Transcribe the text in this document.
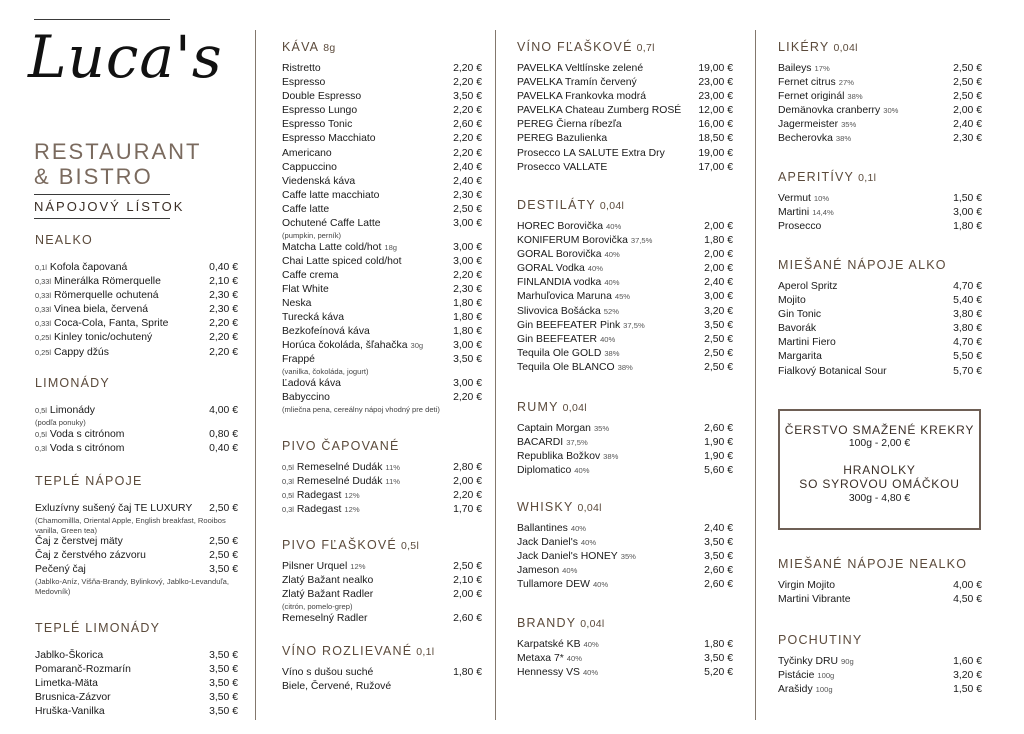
Luca's
RESTAURANT
& BISTRO
NÁPOJOVÝ LÍSTOK
NEALKO
0,1l Kofola čapovaná	0,40 €
0,33l Minerálka Römerquelle	2,10 €
0,33l Römerquelle ochutená	2,30 €
0,33l Vinea biela, červená	2,30 €
0,33l Coca-Cola, Fanta, Sprite	2,20 €
0,25l Kinley tonic/ochutený	2,20 €
0,25l Cappy džús	2,20 €
LIMONÁDY
0,5l Limonády	4,00 €
(podľa ponuky)
0,5l Voda s citrónom	0,80 €
0,3l Voda s citrónom	0,40 €
TEPLÉ NÁPOJE
Exluzívny sušený čaj TE LUXURY 2,50 €
(Chamomillla, Oriental Apple, English breakfast, Rooibos vanilla, Green tea)
Čaj z čerstvej mäty	2,50 €
Čaj z čerstvého zázvoru	2,50 €
Pečený čaj	3,50 €
(Jablko-Aníz, Višňa-Brandy, Bylinkový, Jablko-Levanduľa, Medovník)
TEPLÉ LIMONÁDY
Jablko-Škorica	3,50 €
Pomaranč-Rozmarín	3,50 €
Limetka-Mäta	3,50 €
Brusnica-Zázvor	3,50 €
Hruška-Vanilka	3,50 €
KÁVA 8g
Ristretto	2,20 €
Espresso	2,20 €
Double Espresso	3,50 €
Espresso Lungo	2,20 €
Espresso Tonic	2,60 €
Espresso Macchiato	2,20 €
Americano	2,20 €
Cappuccino	2,40 €
Viedenská káva	2,40 €
Caffe latte macchiato	2,30 €
Caffe latte	2,50 €
Ochutené Caffe Latte	3,00 €
(pumpkin, perník)
Matcha Latte cold/hot 18g	3,00 €
Chai Latte spiced cold/hot	3,00 €
Caffe crema	2,20 €
Flat White	2,30 €
Neska	1,80 €
Turecká káva	1,80 €
Bezkofeínová káva	1,80 €
Horúca čokoláda, šľahačka 30g	3,00 €
Frappé	3,50 €
(vanilka, čokoláda, jogurt)
Ľadová káva	3,00 €
Babyccino	2,20 €
(mliečna pena, cereálny nápoj vhodný pre deti)
PIVO ČAPOVANÉ
0,5l Remeselné Dudák 11%	2,80 €
0,3l Remeselné Dudák 11%	2,00 €
0,5l Radegast 12%	2,20 €
0,3l Radegast 12%	1,70 €
PIVO FĽAŠKOVÉ 0,5l
Pilsner Urquel 12%	2,50 €
Zlatý Bažant nealko	2,10 €
Zlatý Bažant Radler	2,00 €
(citrón, pomelo-grep)
Remeselný Radler	2,60 €
VÍNO ROZLIEVANÉ 0,1l
Víno s dušou suché	1,80 €
Biele, Červené, Ružové
VÍNO FĽAŠKOVÉ 0,7l
PAVELKA Veltlínske zelené	19,00 €
PAVELKA Tramín červený	23,00 €
PAVELKA Frankovka modrá	23,00 €
PAVELKA Chateau Zumberg ROSÉ 12,00 €
PEREG Čierna ríbezľa	16,00 €
PEREG Bazulienka	18,50 €
Prosecco LA SALUTE Extra Dry	19,00 €
Prosecco VALLATE	17,00 €
DESTILÁTY 0,04l
HOREC Borovička 40%	2,00 €
KONIFERUM Borovička 37,5%	1,80 €
GORAL Borovička 40%	2,00 €
GORAL Vodka 40%	2,00 €
FINLANDIA vodka 40%	2,40 €
Marhuľovica Maruna 45%	3,00 €
Slivovica Bošácka 52%	3,20 €
Gin BEEFEATER Pink 37,5%	3,50 €
Gin BEEFEATER 40%	2,50 €
Tequila Ole GOLD 38%	2,50 €
Tequila Ole BLANCO 38%	2,50 €
RUMY 0,04l
Captain Morgan 35%	2,60 €
BACARDI 37,5%	1,90 €
Republika Božkov 38%	1,90 €
Diplomatico 40%	5,60 €
WHISKY 0,04l
Ballantines 40%	2,40 €
Jack Daniel's 40%	3,50 €
Jack Daniel's HONEY 35%	3,50 €
Jameson 40%	2,60 €
Tullamore DEW 40%	2,60 €
BRANDY 0,04l
Karpatské KB 40%	1,80 €
Metaxa 7* 40%	3,50 €
Hennessy VS 40%	5,20 €
LIKÉRY 0,04l
Baileys 17%	2,50 €
Fernet citrus 27%	2,50 €
Fernet originál 38%	2,50 €
Demänovka cranberry 30%	2,00 €
Jagermeister 35%	2,40 €
Becherovka 38%	2,30 €
APERITÍVY 0,1l
Vermut 10%	1,50 €
Martini 14,4%	3,00 €
Prosecco	1,80 €
MIEŠANÉ NÁPOJE ALKO
Aperol Spritz	4,70 €
Mojito	5,40 €
Gin Tonic	3,80 €
Bavorák	3,80 €
Martini Fiero	4,70 €
Margarita	5,50 €
Fialkový Botanical Sour	5,70 €
MIEŠANÉ NÁPOJE NEALKO
Virgin Mojito	4,00 €
Martini Vibrante	4,50 €
POCHUTINY
Tyčinky DRU 90g	1,60 €
Pistácie 100g	3,20 €
Arašidy 100g	1,50 €
ČERSTVO SMAŽENÉ KREKRY
100g - 2,00 €
HRANOLKY
SO SYROVOU OMÁČKOU
300g - 4,80 €
